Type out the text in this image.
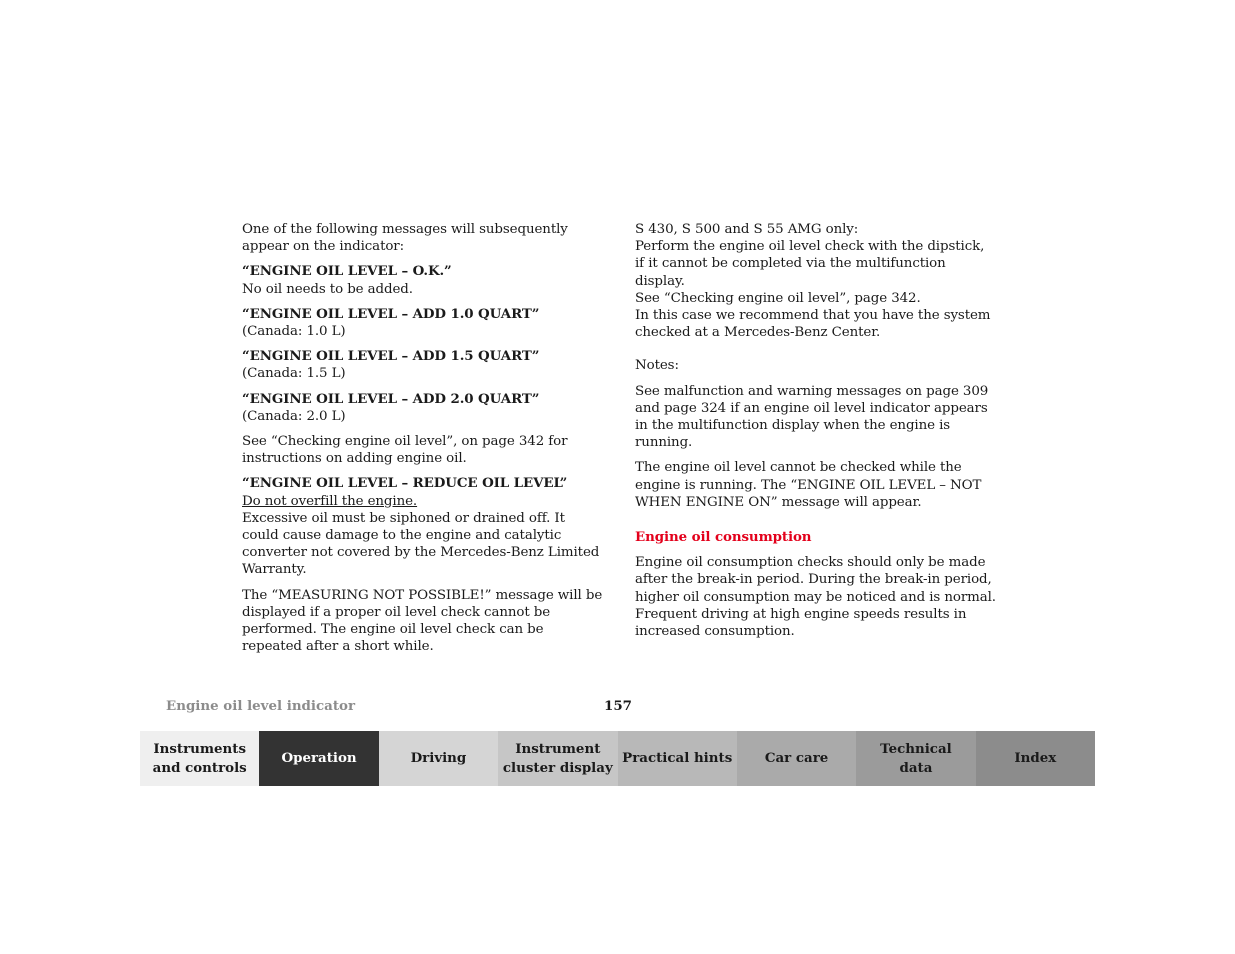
One of the following messages will subsequently appear on the indicator:

“ENGINE OIL LEVEL – O.K.”
No oil needs to be added.

“ENGINE OIL LEVEL – ADD 1.0 QUART”
(Canada: 1.0 L)

“ENGINE OIL LEVEL – ADD 1.5 QUART”
(Canada: 1.5 L)

“ENGINE OIL LEVEL – ADD 2.0 QUART”
(Canada: 2.0 L)

See “Checking engine oil level”, on page 342 for instructions on adding engine oil.

“ENGINE OIL LEVEL – REDUCE OIL LEVEL”
Do not overfill the engine.
Excessive oil must be siphoned or drained off. It could cause damage to the engine and catalytic converter not covered by the Mercedes-Benz Limited Warranty.

The “MEASURING NOT POSSIBLE!” message will be displayed if a proper oil level check cannot be performed. The engine oil level check can be repeated after a short while.

S 430, S 500 and S 55 AMG only:
Perform the engine oil level check with the dipstick, if it cannot be completed via the multifunction display.
See “Checking engine oil level”, page 342.
In this case we recommend that you have the system checked at a Mercedes-Benz Center.

Notes:

See malfunction and warning messages on page 309 and page 324 if an engine oil level indicator appears in the multifunction display when the engine is running.

The engine oil level cannot be checked while the engine is running. The “ENGINE OIL LEVEL – NOT WHEN ENGINE ON” message will appear.

Engine oil consumption

Engine oil consumption checks should only be made after the break-in period. During the break-in period, higher oil consumption may be noticed and is normal. Frequent driving at high engine speeds results in increased consumption.

Engine oil level indicator	157
Instruments
and controls
Operation	Driving
Instrument
cluster display
Practical hints	Car care
Technical
data
Index
